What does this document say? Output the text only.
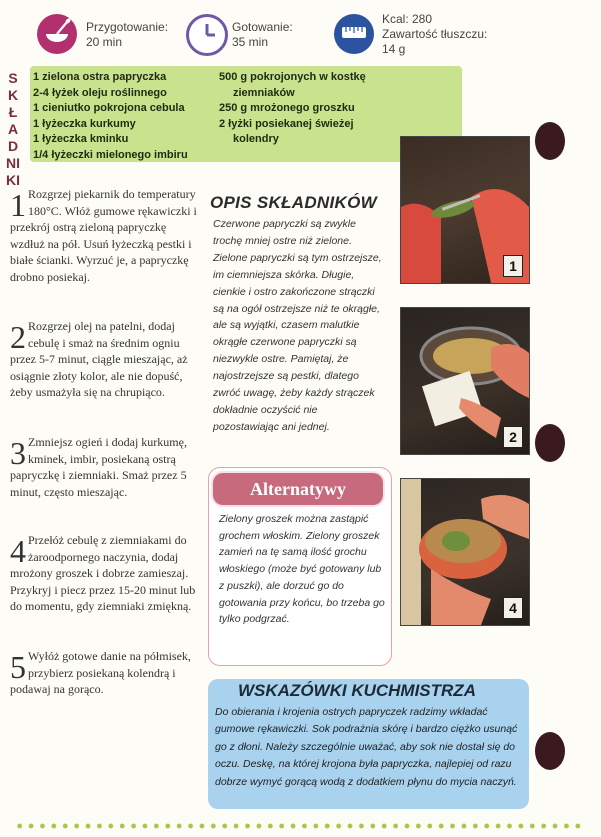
Przygotowanie:
20 min
Gotowanie:
35 min
Kcal: 280
Zawartość tłuszczu:
14 g
SKŁADNIKI
1 zielona ostra papryczka
2-4 łyżek oleju roślinnego
1 cieniutko pokrojona cebula
1 łyżeczka kurkumy
1 łyżeczka kminku
1/4 łyżeczki mielonego imbiru
500 g pokrojonych w kostkę
ziemniaków
250 g mrożonego groszku
2 łyżki posiekanej świeżej
kolendry
1 Rozgrzej piekarnik do temperatury 180°C. Włóż gumowe rękawiczki i przekrój ostrą zieloną papryczkę wzdłuż na pół. Usuń łyżeczką pestki i białe ścianki. Wyrzuć je, a papryczkę drobno posiekaj.
2 Rozgrzej olej na patelni, dodaj cebulę i smaż na średnim ogniu przez 5-7 minut, ciągle mieszając, aż osiągnie złoty kolor, ale nie dopuść, żeby usmażyła się na chrupiąco.
3 Zmniejsz ogień i dodaj kurkumę, kminek, imbir, posiekaną ostrą papryczkę i ziemniaki. Smaż przez 5 minut, często mieszając.
4 Przełóż cebulę z ziemniakami do żaroodpornego naczynia, dodaj mrożony groszek i dobrze zamieszaj. Przykryj i piecz przez 15-20 minut lub do momentu, gdy ziemniaki zmiękną.
5 Wyłóż gotowe danie na półmisek, przybierz posiekaną kolendrą i podawaj na gorąco.
OPIS SKŁADNIKÓW
Czerwone papryczki są zwykle trochę mniej ostre niż zielone. Zielone papryczki są tym ostrzejsze, im ciemniejsza skórka. Długie, cienkie i ostro zakończone strączki są na ogół ostrzejsze niż te okrągłe, ale są wyjątki, czasem malutkie okrągłe czerwone papryczki są niezwykle ostre. Pamiętaj, że najostrzejsze są pestki, dlatego zwróć uwagę, żeby każdy strączek dokładnie oczyścić nie pozostawiając ani jednej.
Alternatywy
Zielony groszek można zastąpić grochem włoskim. Zielony groszek zamień na tę samą ilość grochu włoskiego (może być gotowany lub z puszki), ale dorzuć go do gotowania przy końcu, bo trzeba go tylko podgrzać.
WSKAZÓWKI KUCHMISTRZA
Do obierania i krojenia ostrych papryczek radzimy wkładać gumowe rękawiczki. Sok podrażnia skórę i bardzo ciężko usunąć go z dłoni. Należy szczególnie uważać, aby sok nie dostał się do oczu. Deskę, na której krojona była papryczka, najlepiej od razu dobrze wymyć gorącą wodą z dodatkiem płynu do mycia naczyń.
1
2
4
